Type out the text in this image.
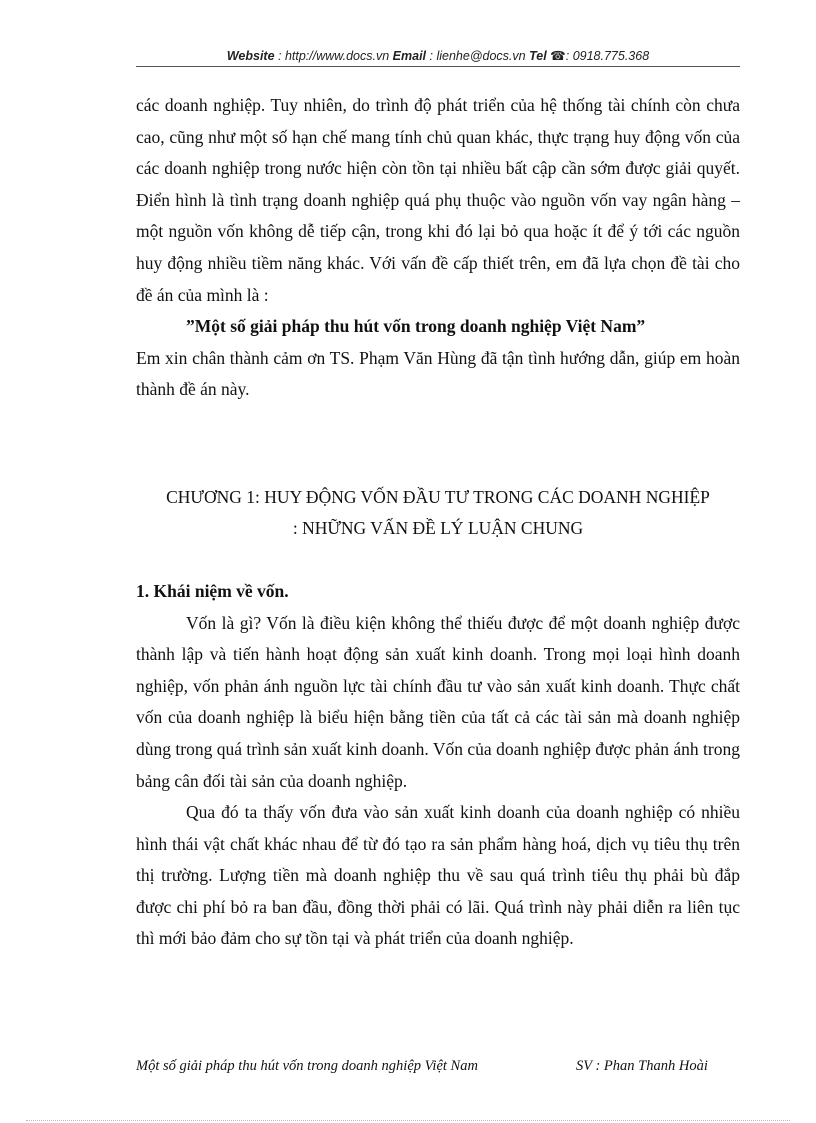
Website : http://www.docs.vn Email : lienhe@docs.vn Tel ☎: 0918.775.368

các doanh nghiệp. Tuy nhiên, do trình độ phát triển của hệ thống tài chính còn chưa cao, cũng như một số hạn chế mang tính chủ quan khác, thực trạng huy động vốn của các doanh nghiệp trong nước hiện còn tồn tại nhiều bất cập cần sớm được giải quyết. Điển hình là tình trạng doanh nghiệp quá phụ thuộc vào nguồn vốn vay ngân hàng – một nguồn vốn không dễ tiếp cận, trong khi đó lại bỏ qua hoặc ít để ý tới các nguồn huy động nhiều tiềm năng khác. Với vấn đề cấp thiết trên, em đã lựa chọn đề tài cho đề án của mình là :

”Một số giải pháp thu hút vốn trong doanh nghiệp Việt Nam”

Em xin chân thành cảm ơn TS. Phạm Văn Hùng đã tận tình hướng dẫn, giúp em hoàn thành đề án này.

CHƯƠNG 1: HUY ĐỘNG VỐN ĐẦU TƯ TRONG CÁC DOANH NGHIỆP
: NHỮNG VẤN ĐỀ LÝ LUẬN CHUNG

1. Khái niệm về vốn.

Vốn là gì? Vốn là điều kiện không thể thiếu được để một doanh nghiệp được thành lập và tiến hành hoạt động sản xuất kinh doanh. Trong mọi loại hình doanh nghiệp, vốn phản ánh nguồn lực tài chính đầu tư vào sản xuất kinh doanh. Thực chất vốn của doanh nghiệp là biểu hiện bằng tiền của tất cả các tài sản mà doanh nghiệp dùng trong quá trình sản xuất kinh doanh. Vốn của doanh nghiệp được phản ánh trong bảng cân đối tài sản của doanh nghiệp.

Qua đó ta thấy vốn đưa vào sản xuất kinh doanh của doanh nghiệp có nhiều hình thái vật chất khác nhau để từ đó tạo ra sản phẩm hàng hoá, dịch vụ tiêu thụ trên thị trường. Lượng tiền mà doanh nghiệp thu về sau quá trình tiêu thụ phải bù đắp được chi phí bỏ ra ban đầu, đồng thời phải có lãi. Quá trình này phải diễn ra liên tục thì mới bảo đảm cho sự tồn tại và phát triển của doanh nghiệp.

Một số giải pháp thu hút vốn trong doanh nghiệp Việt Nam	SV : Phan Thanh Hoài
